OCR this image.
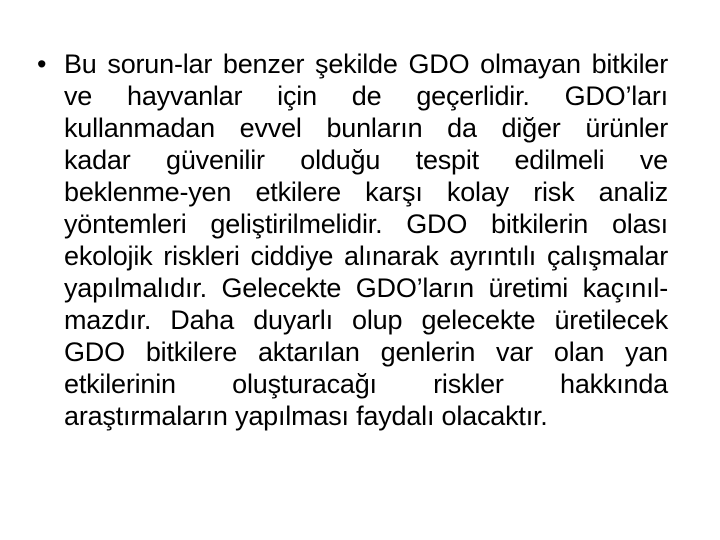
• Bu sorun-lar benzer şekilde GDO olmayan bitkiler
ve hayvanlar için de geçerlidir. GDO’ları
kullanmadan evvel bunların da diğer ürünler
kadar güvenilir olduğu tespit edilmeli ve
beklenme-yen etkilere karşı kolay risk analiz
yöntemleri geliştirilmelidir. GDO bitkilerin olası
ekolojik riskleri ciddiye alınarak ayrıntılı çalışmalar
yapılmalıdır. Gelecekte GDO’ların üretimi kaçınıl-
mazdır. Daha duyarlı olup gelecekte üretilecek
GDO bitkilere aktarılan genlerin var olan yan
etkilerinin oluşturacağı riskler hakkında
araştırmaların yapılması faydalı olacaktır.
